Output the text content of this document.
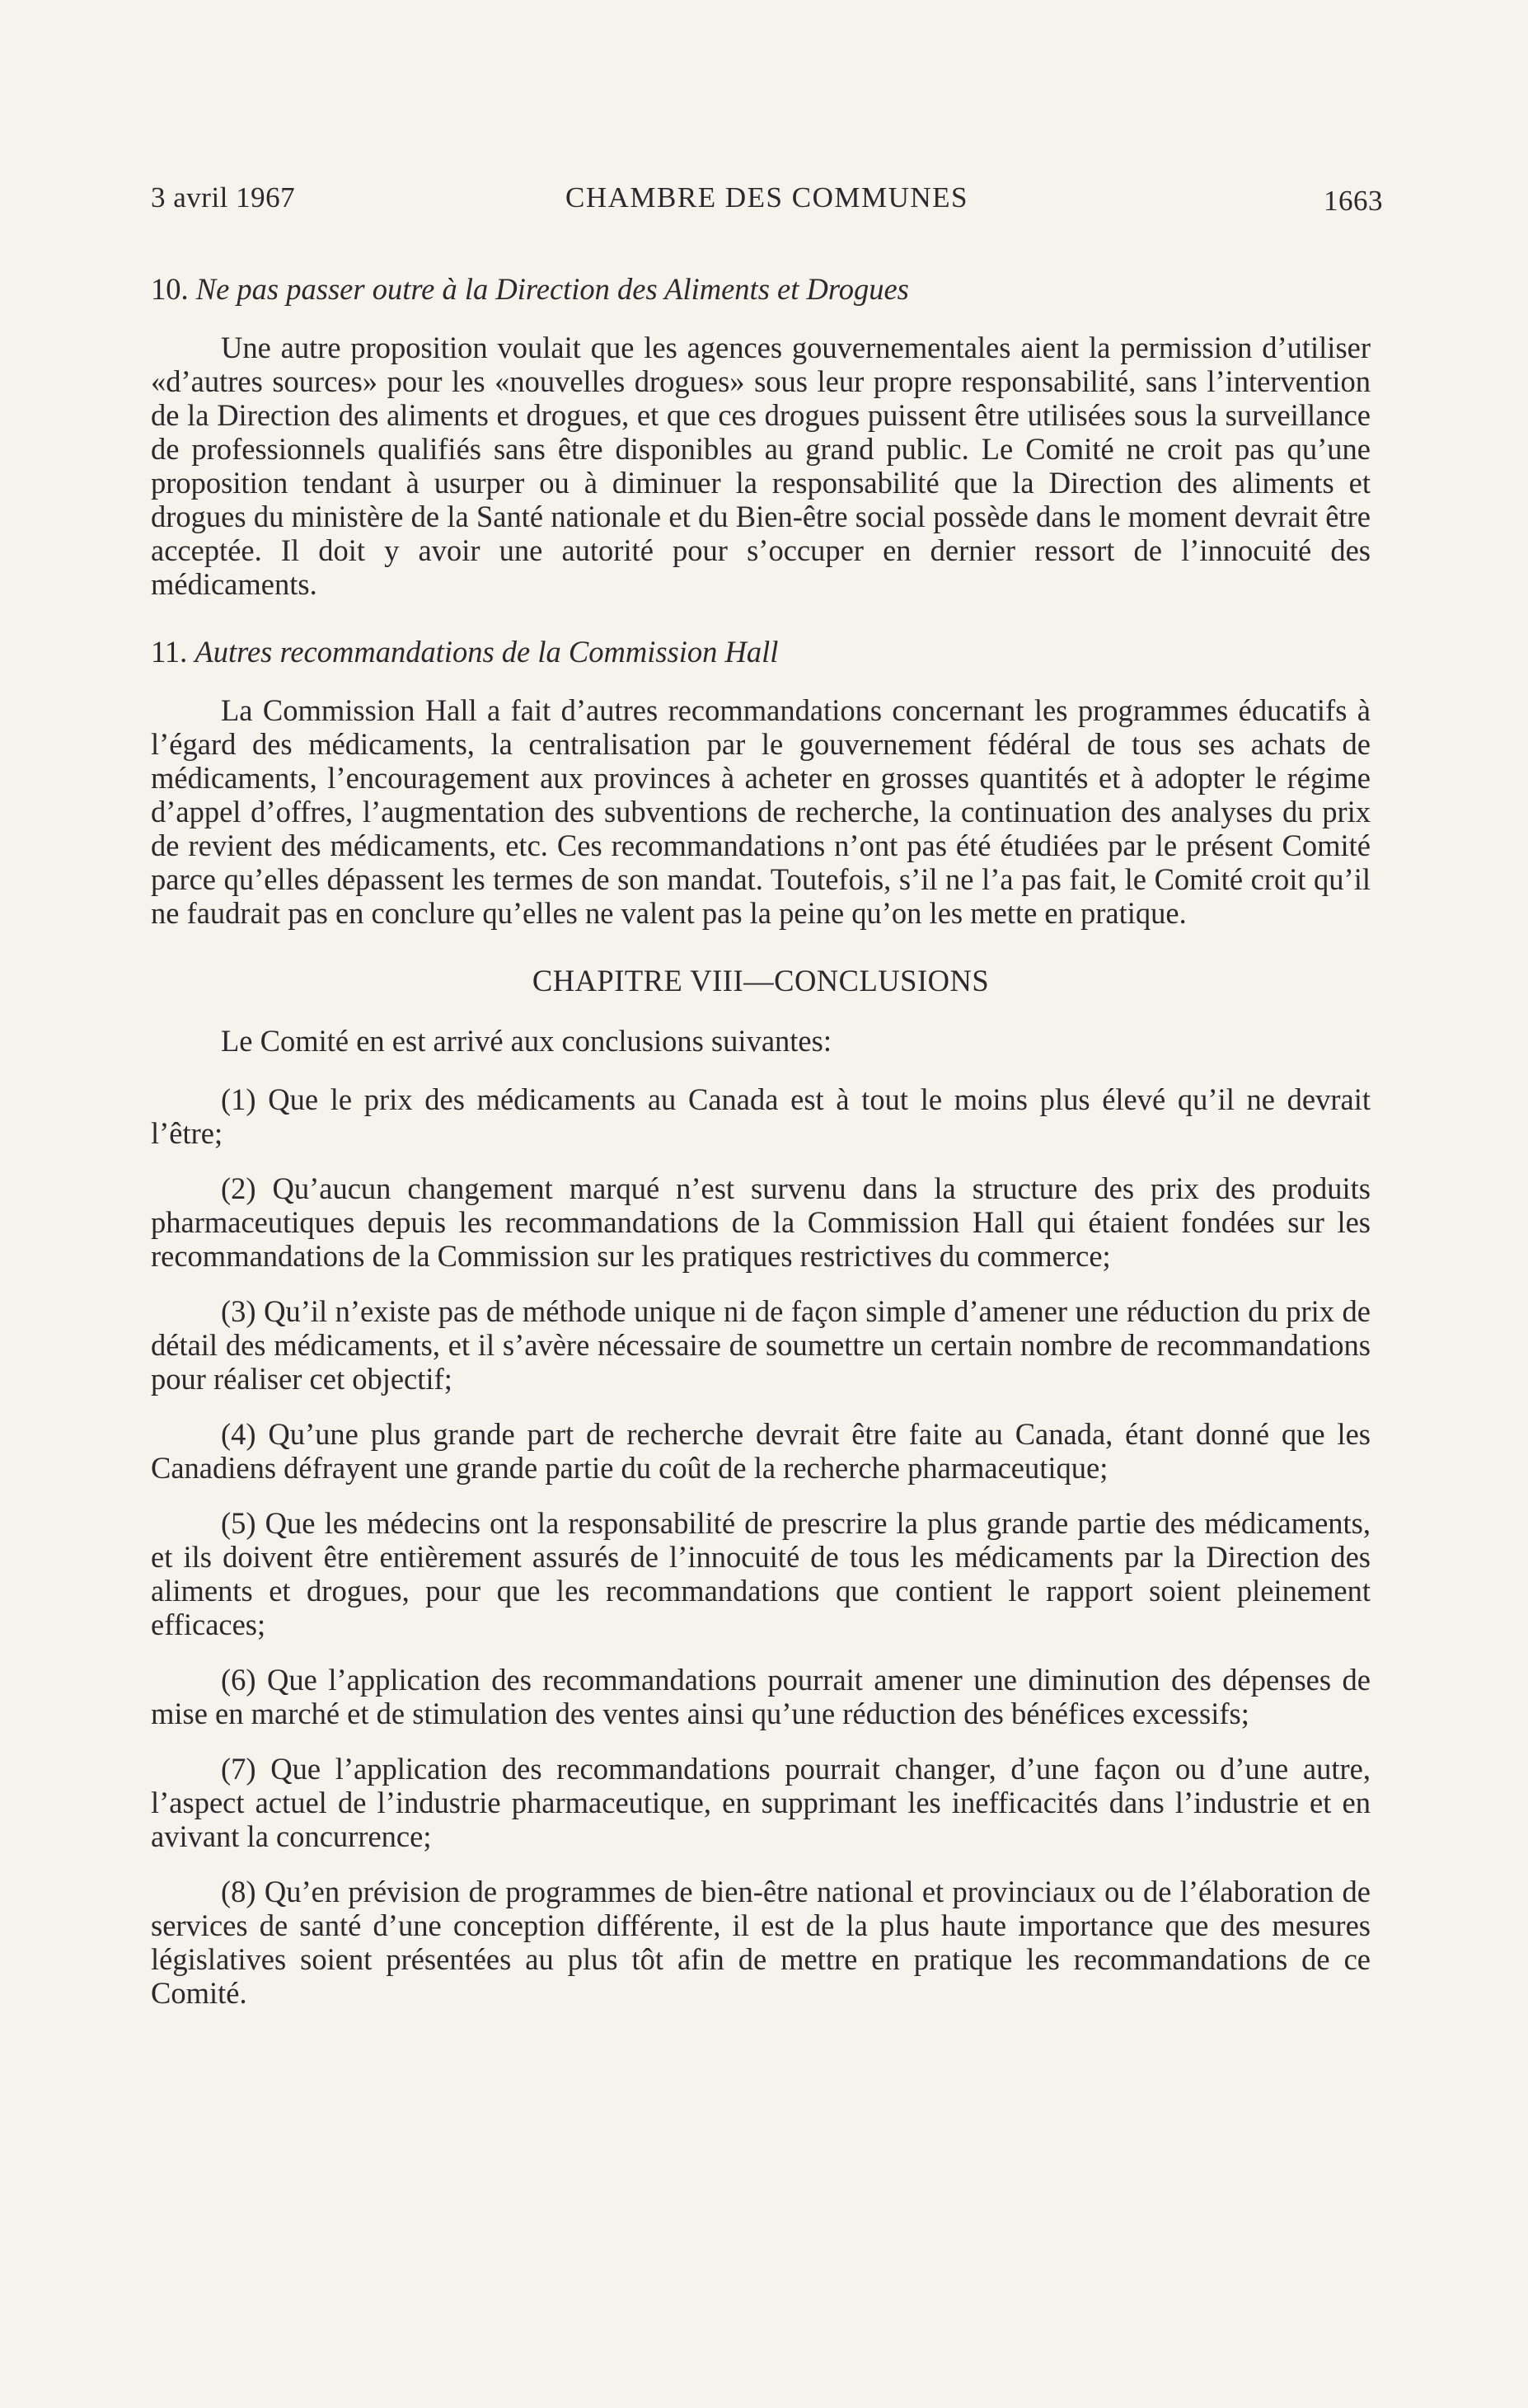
3 avril 1967	CHAMBRE DES COMMUNES	1663
10. Ne pas passer outre à la Direction des Aliments et Drogues

Une autre proposition voulait que les agences gouvernementales aient la permission d’utiliser «d’autres sources» pour les «nouvelles drogues» sous leur propre responsabilité, sans l’intervention de la Direction des aliments et drogues, et que ces drogues puissent être utilisées sous la surveillance de professionnels qualifiés sans être disponibles au grand public. Le Comité ne croit pas qu’une proposition tendant à usurper ou à diminuer la responsabilité que la Direction des aliments et drogues du ministère de la Santé nationale et du Bien-être social possède dans le moment devrait être acceptée. Il doit y avoir une autorité pour s’occuper en dernier ressort de l’innocuité des médicaments.

11. Autres recommandations de la Commission Hall

La Commission Hall a fait d’autres recommandations concernant les programmes éducatifs à l’égard des médicaments, la centralisation par le gouvernement fédéral de tous ses achats de médicaments, l’encouragement aux provinces à acheter en grosses quantités et à adopter le régime d’appel d’offres, l’augmentation des subventions de recherche, la continuation des analyses du prix de revient des médicaments, etc. Ces recommandations n’ont pas été étudiées par le présent Comité parce qu’elles dépassent les termes de son mandat. Toutefois, s’il ne l’a pas fait, le Comité croit qu’il ne faudrait pas en conclure qu’elles ne valent pas la peine qu’on les mette en pratique.

CHAPITRE VIII—CONCLUSIONS

Le Comité en est arrivé aux conclusions suivantes:

(1) Que le prix des médicaments au Canada est à tout le moins plus élevé qu’il ne devrait l’être;

(2) Qu’aucun changement marqué n’est survenu dans la structure des prix des produits pharmaceutiques depuis les recommandations de la Commission Hall qui étaient fondées sur les recommandations de la Commission sur les pratiques restrictives du commerce;

(3) Qu’il n’existe pas de méthode unique ni de façon simple d’amener une réduction du prix de détail des médicaments, et il s’avère nécessaire de soumettre un certain nombre de recommandations pour réaliser cet objectif;

(4) Qu’une plus grande part de recherche devrait être faite au Canada, étant donné que les Canadiens défrayent une grande partie du coût de la recherche pharmaceutique;

(5) Que les médecins ont la responsabilité de prescrire la plus grande partie des médicaments, et ils doivent être entièrement assurés de l’innocuité de tous les médicaments par la Direction des aliments et drogues, pour que les recommandations que contient le rapport soient pleinement efficaces;

(6) Que l’application des recommandations pourrait amener une diminution des dépenses de mise en marché et de stimulation des ventes ainsi qu’une réduction des bénéfices excessifs;

(7) Que l’application des recommandations pourrait changer, d’une façon ou d’une autre, l’aspect actuel de l’industrie pharmaceutique, en supprimant les inefficacités dans l’industrie et en avivant la concurrence;

(8) Qu’en prévision de programmes de bien-être national et provinciaux ou de l’élaboration de services de santé d’une conception différente, il est de la plus haute importance que des mesures législatives soient présentées au plus tôt afin de mettre en pratique les recommandations de ce Comité.
